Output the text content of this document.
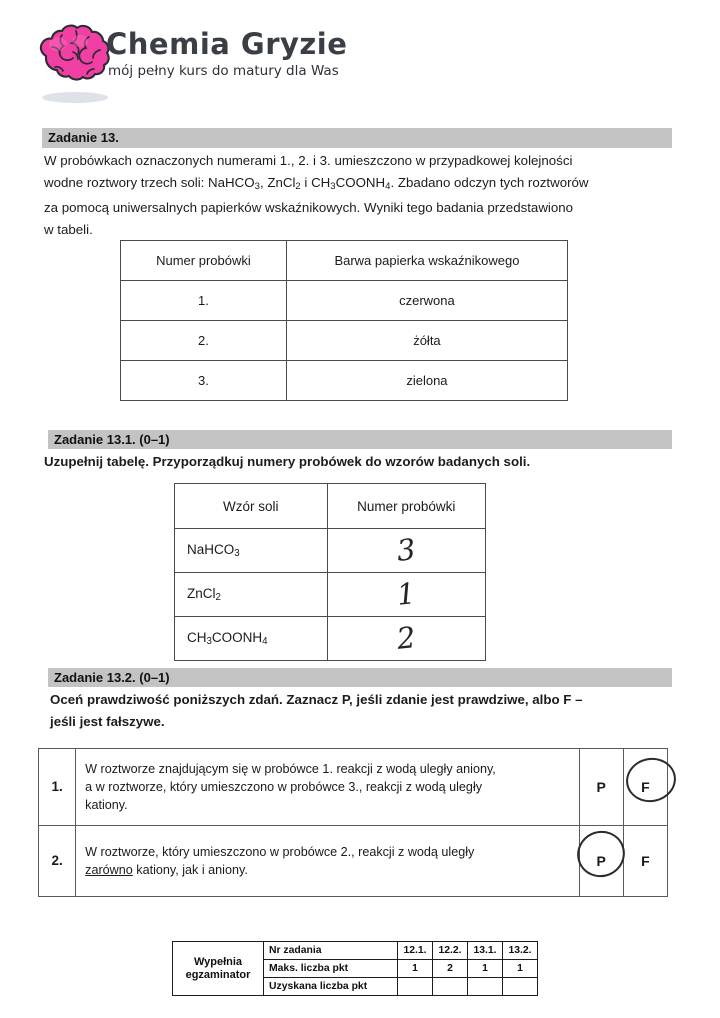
Chemia Gryzie
mój pełny kurs do matury dla Was
Zadanie 13.
W probówkach oznaczonych numerami 1., 2. i 3. umieszczono w przypadkowej kolejności
wodne roztwory trzech soli: NaHCO$_3$, ZnCl$_2$ i $CH_3COONH_4$. Zbadano odczyn tych roztworów
za pomocą uniwersalnych papierków wskaźnikowych. Wyniki tego badania przedstawiono
w tabeli.
Numer probówki	Barwa papierka wskaźnikowego
1.	czerwona
2.	żółta
3.	zielona
Zadanie 13.1. (0–1)
Uzupełnij tabelę. Przyporządkuj numery probówek do wzorów badanych soli.
Wzór soli	Numer probówki
NaHCO$_3$	3
ZnCl$_2$	1
$CH_3COONH_4$	2
Zadanie 13.2. (0–1)
Oceń prawdziwość poniższych zdań. Zaznacz P, jeśli zdanie jest prawdziwe, albo F –
jeśli jest fałszywe.
1.	W roztworze znajdującym się w probówce 1. reakcji z wodą uległy aniony,
a w roztworze, który umieszczono w probówce 3., reakcji z wodą uległy
kationy.	P	F

2.	W roztworze, który umieszczono w probówce 2., reakcji z wodą uległy
zarówno kationy, jak i aniony.	P	F
Wypełnia
egzaminator	Nr zadania	12.1.	12.2.	13.1.	13.2.
	Maks. liczba pkt	1	2	1	1
	Uzyskana liczba pkt				
